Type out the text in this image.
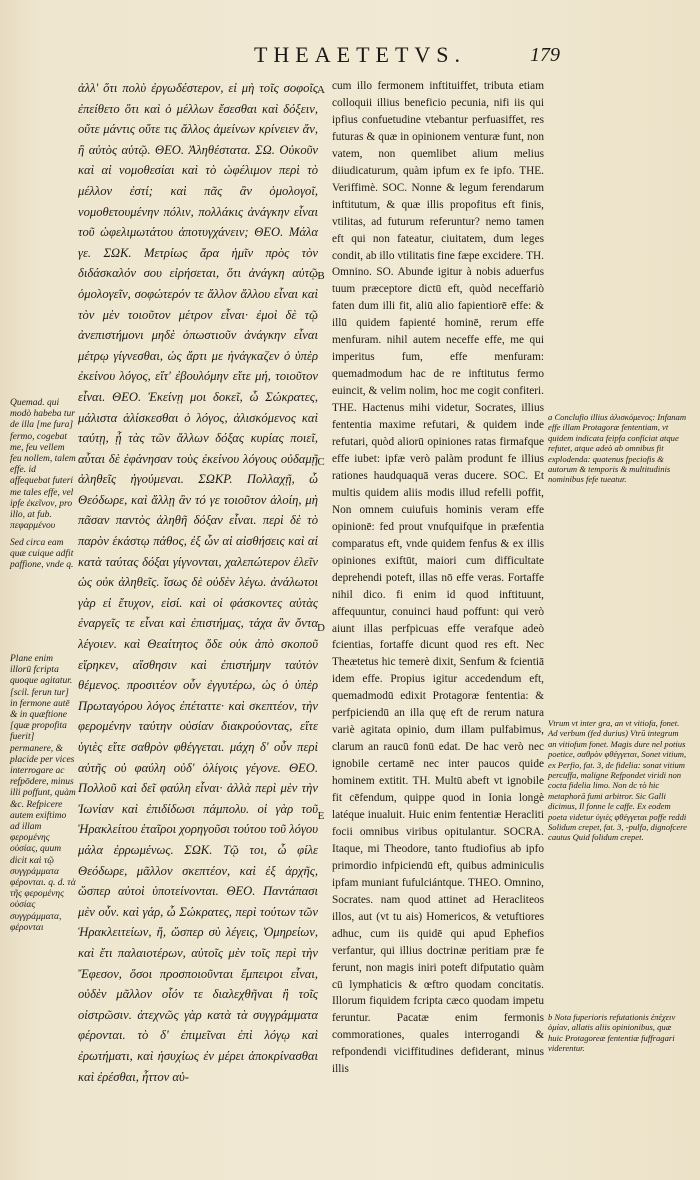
THEAETETVS.	179

Quemad. qui modò habeba tur de illa [me fura] fermo, cogebat me, feu vellem feu nollem, talem effe. id affequebat futeri me tales effe, vel ipfe ἐκεῖνον, pro illo, at fub. πεφαρμένου

Sed circa eam quæ cuique adfit paffione, vnde q.

Plane enim illorū fcripta quoque agitatur. [scil. ferun tur] in fermone autē & in quæftione [quæ propofita fuerit] permanere, & placide per vices interrogare ac refpōdere, minus illi poffunt, quàm &c. Refpicere autem exiftimo ad illam φερομένης οὐσίας, quum dicit καὶ τῷ συγγράμματα φέρονται. q. d. τὰ τῆς φερομένης οὐσίας συγγράμματα, φέρονται

ἀλλ' ὅτι πολὺ ἐργωδέστερον, εἰ μὴ τοῖς σοφοῖς ἐπείθετο ὅτι καὶ ὁ μέλλων ἔσεσθαι καὶ δόξειν, οὔτε μάντις οὔτε τις ἄλλος ἀμείνων κρίνειεν ἄν, ἢ αὐτὸς αὑτῷ. ΘΕΟ. Ἀληθέστατα. ΣΩ. Οὐκοῦν καὶ αἱ νομοθεσίαι καὶ τὸ ὠφέλιμον περὶ τὸ μέλλον ἐστί; καὶ πᾶς ἂν ὁμολογοῖ, νομοθετουμένην πόλιν, πολλάκις ἀνάγκην εἶναι τοῦ ὠφελιμωτάτου ἀποτυγχάνειν; ΘΕΟ. Μάλα γε. ΣΩΚ. Μετρίως ἄρα ἡμῖν πρὸς τὸν διδάσκαλόν σου εἰρήσεται, ὅτι ἀνάγκη αὐτῷ ὁμολογεῖν, σοφώτερόν τε ἄλλον ἄλλου εἶναι καὶ τὸν μὲν τοιοῦτον μέτρον εἶναι· ἐμοὶ δὲ τῷ ἀνεπιστήμονι μηδὲ ὁπωστιοῦν ἀνάγκην εἶναι μέτρῳ γίγνεσθαι, ὡς ἄρτι με ἠνάγκαζεν ὁ ὑπὲρ ἐκείνου λόγος, εἴτ' ἐβουλόμην εἴτε μή, τοιοῦτον εἶναι. ΘΕΟ. Ἐκείνῃ μοι δοκεῖ, ὦ Σώκρατες, μάλιστα ἁλίσκεσθαι ὁ λόγος, ἁλισκόμενος καὶ ταύτῃ, ᾗ τὰς τῶν ἄλλων δόξας κυρίας ποιεῖ, αὗται δὲ ἐφάνησαν τοὺς ἐκείνου λόγους οὐδαμῇ ἀληθεῖς ἡγούμεναι. ΣΩΚΡ. Πολλαχῇ, ὦ Θεόδωρε, καὶ ἄλλῃ ἂν τό γε τοιοῦτον ἁλοίη, μὴ πᾶσαν παντὸς ἀληθῆ δόξαν εἶναι. περὶ δὲ τὸ παρὸν ἑκάστῳ πάθος, ἐξ ὧν αἱ αἰσθήσεις καὶ αἱ κατὰ ταύτας δόξαι γίγνονται, χαλεπώτερον ἑλεῖν ὡς οὐκ ἀληθεῖς. ἴσως δὲ οὐδὲν λέγω. ἀνάλωτοι γὰρ εἰ ἔτυχον, εἰσί. καὶ οἱ φάσκοντες αὐτὰς ἐναργεῖς τε εἶναι καὶ ἐπιστήμας, τάχα ἂν ὄντα λέγοιεν. καὶ Θεαίτητος ὅδε οὐκ ἀπὸ σκοποῦ εἴρηκεν, αἴσθησιν καὶ ἐπιστήμην ταὐτὸν θέμενος. προσιτέον οὖν ἐγγυτέρω, ὡς ὁ ὑπὲρ Πρωταγόρου λόγος ἐπέταττε· καὶ σκεπτέον, τὴν φερομένην ταύτην οὐσίαν διακρούοντας, εἴτε ὑγιὲς εἴτε σαθρὸν φθέγγεται. μάχη δ' οὖν περὶ αὐτῆς οὐ φαύλη οὐδ' ὀλίγοις γέγονε. ΘΕΟ. Πολλοῦ καὶ δεῖ φαύλη εἶναι· ἀλλὰ περὶ μὲν τὴν Ἰωνίαν καὶ ἐπιδίδωσι πάμπολυ. οἱ γὰρ τοῦ Ἡρακλείτου ἑταῖροι χορηγοῦσι τούτου τοῦ λόγου μάλα ἐρρωμένως. ΣΩΚ. Τῷ τοι, ὦ φίλε Θεόδωρε, μᾶλλον σκεπτέον, καὶ ἐξ ἀρχῆς, ὥσπερ αὐτοὶ ὑποτείνονται. ΘΕΟ. Παντάπασι μὲν οὖν. καὶ γάρ, ὦ Σώκρατες, περὶ τούτων τῶν Ἡρακλειτείων, ἤ, ὥσπερ σὺ λέγεις, Ὁμηρείων, καὶ ἔτι παλαιοτέρων, αὐτοῖς μὲν τοῖς περὶ τὴν Ἔφεσον, ὅσοι προσποιοῦνται ἔμπειροι εἶναι, οὐδὲν μᾶλλον οἷόν τε διαλεχθῆναι ἢ τοῖς οἰστρῶσιν. ἀτεχνῶς γὰρ κατὰ τὰ συγγράμματα φέρονται. τὸ δ' ἐπιμεῖναι ἐπὶ λόγῳ καὶ ἐρωτήματι, καὶ ἡσυχίως ἐν μέρει ἀποκρίνασθαι καὶ ἐρέσθαι, ἧττον αὐ-

A
B
C
D
E

cum illo fermonem inftituiffet, tributa etiam colloquii illius beneficio pecunia, nifi iis qui ipfius confuetudine vtebantur perfuasiffet, res futuras & quæ in opinionem venturæ funt, non vatem, non quemlibet alium melius diiudicaturum, quàm ipfum ex fe ipfo. THE. Veriffimè. SOC. Nonne & legum ferendarum inftitutum, & quæ illis propofitus eft finis, vtilitas, ad futurum referuntur? nemo tamen eft qui non fateatur, ciuitatem, dum leges condit, ab illo vtilitatis fine fæpe excidere. TH. Omnino. SO. Abunde igitur à nobis aduerfus tuum præceptore dictū eft, quòd neceffariò faten dum illi fit, aliū alio fapientiorē effe: & illū quidem fapienté hominē, rerum effe menfuram. nihil autem neceffe effe, me qui imperitus fum, effe menfuram: quemadmodum hac de re inftitutus fermo euincit, & velim nolim, hoc me cogit confiteri. THE. Hactenus mihi videtur, Socrates, illius fententia maxime refutari, & quidem inde refutari, quòd aliorū opiniones ratas firmafque effe iubet: ipfæ verò palàm produnt fe illius rationes haudquaquā veras ducere. SOC. Et multis quidem aliis modis illud refelli poffit, Non omnem cuiufuis hominis veram effe opinionē: fed prout vnufquifque in præfentia comparatus eft, vnde quidem fenfus & ex illis opiniones exiftūt, maiori cum difficultate deprehendi poteft, illas nō effe veras. Fortaffe nihil dico. fi enim id quod inftituunt, affequuntur, conuinci haud poffunt: qui verò aiunt illas perfpicuas effe verafque adeò fcientias, fortaffe dicunt quod res eft. Nec Theætetus hic temerè dixit, Senfum & fcientiā idem effe. Propius igitur accedendum eft, quemadmodū edixit Protagoræ fententia: & perfpiciendū an illa quę eft de rerum natura variè agitata opinio, dum illam pulfabimus, clarum an raucū fonū edat. De hac verò nec ignobile certamē nec inter paucos quide hominem extitit. TH. Multū abeft vt ignobile fit cēfendum, quippe quod in Ionia longè latéque inualuit. Huic enim fententiæ Heracliti focii omnibus viribus opitulantur. SOCRA. Itaque, mi Theodore, tanto ftudiofius ab ipfo primordio infpiciendū eft, quibus adminiculis ipfam muniant fufulciántque. THEO. Omnino, Socrates. nam quod attinet ad Heracliteos illos, aut (vt tu ais) Homericos, & vetuftiores adhuc, cum iis quidē qui apud Ephefios verfantur, qui illius doctrinæ peritiam præ fe ferunt, non magis iniri poteft difputatio quàm cū lymphaticis & œftro quodam concitatis. Illorum fiquidem fcripta cæco quodam impetu feruntur. Pacatæ enim fermonis commorationes, quales interrogandi & refpondendi viciffitudines defiderant, minus illis

a Conclufio illius ἀλισκόμενος: Infanam effe illam Protagoræ fententiam, vt quidem indicata feipfa conficiat atque refutet, atque adeò ab omnibus fit explodenda: quatenus fpeciofis & autorum & temporis & multitudinis nominibus fefe tueatur.

Vtrum vt inter gra, an vt vitiofa, fonet. Ad verbum (fed durius) Vtrū integrum an vitiofum fonet. Magis dure nel potius poetice, σαθρὸν φθέγγεται, Sonet vitium, ex Perfio, fat. 3, de fidelia: sonat vitium percuffa, maligne Refpondet viridi non cocta fidelia limo. Non dc τὸ hic metaphorā fumi arbitror. Sic Galli dicimus, Il fonne le caffe. Ex eodem poeta videtur ὑγιὲς φθέγγεται poffe reddi Solidum crepet, fat. 3, -pulfa, dignofcere cautus Quid folidum crepet.

b Nota fuperioris refutationis ἐπέχειν ὁμίαν, allatis aliis opinionibus, quæ huic Protagoreæ fententiæ fuffragari viderentur.
